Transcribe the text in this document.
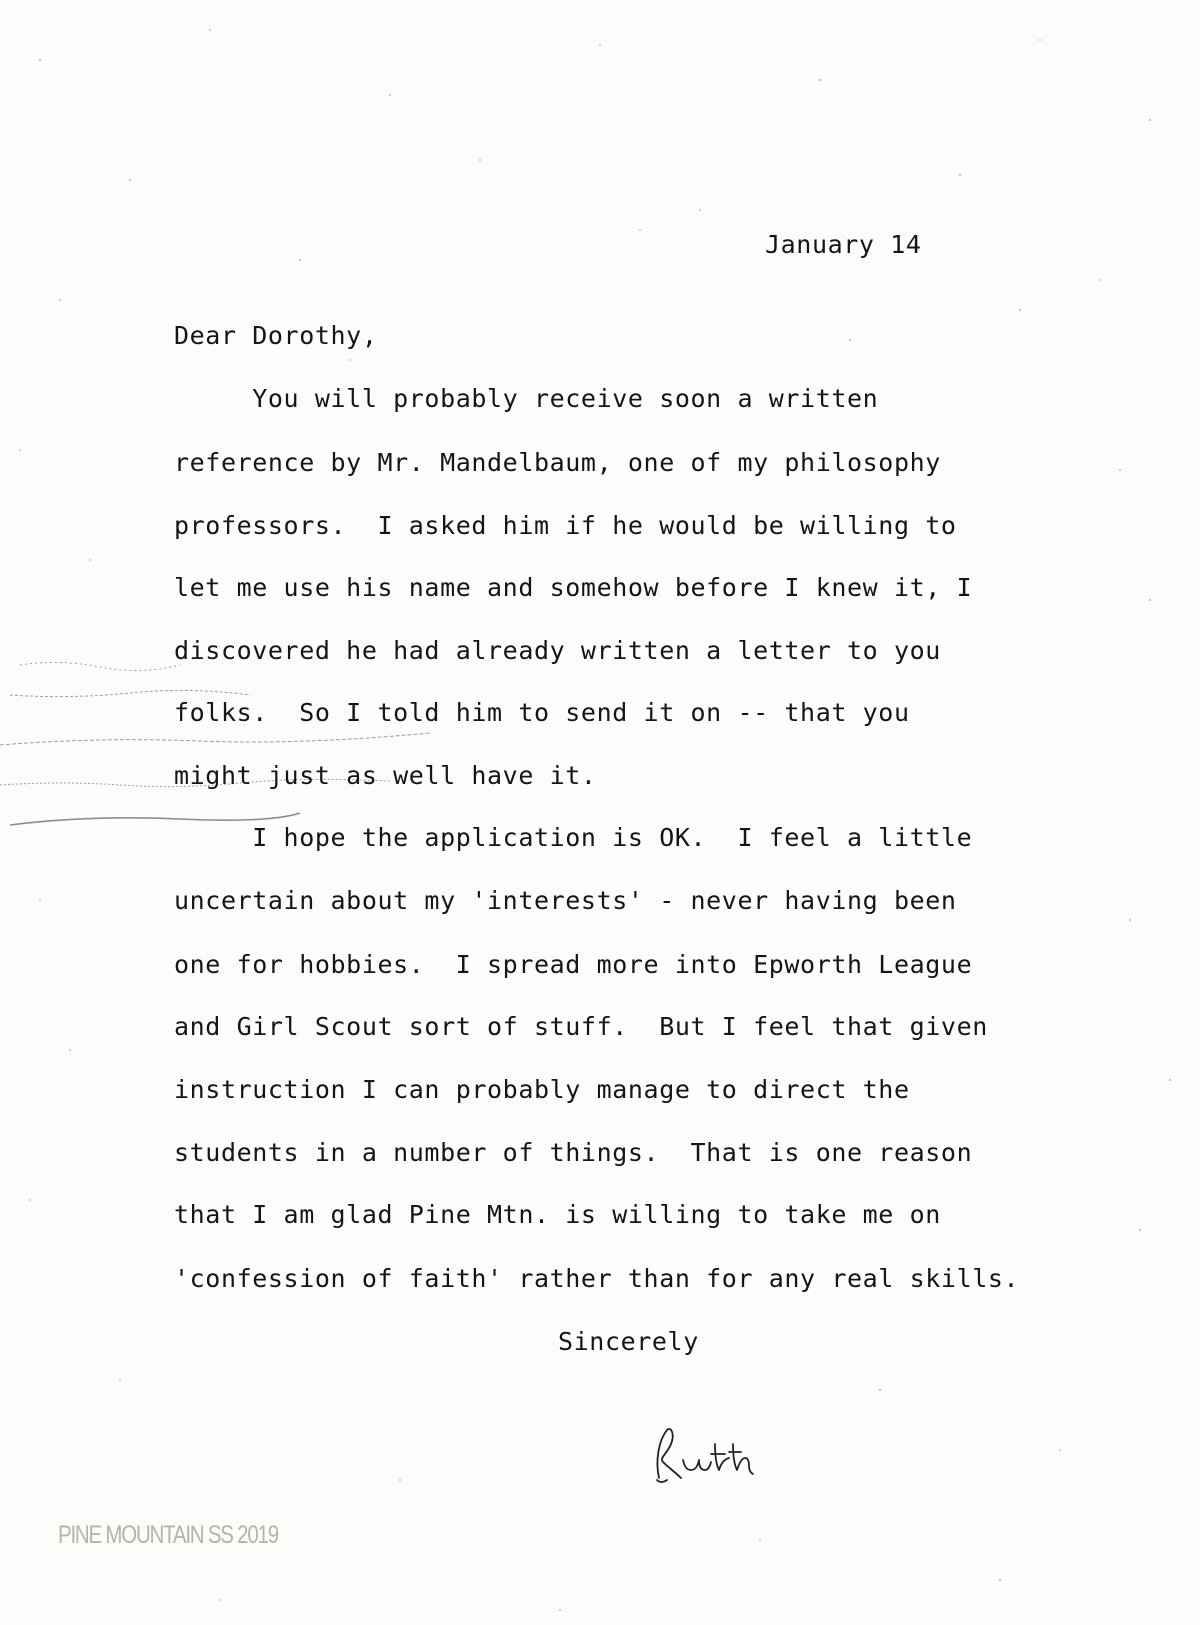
January 14

Dear Dorothy,

You will probably receive soon a written

reference by Mr. Mandelbaum, one of my philosophy

professors.  I asked him if he would be willing to

let me use his name and somehow before I knew it, I

discovered he had already written a letter to you

folks.  So I told him to send it on -- that you

might just as well have it.

I hope the application is OK.  I feel a little

uncertain about my 'interests' - never having been

one for hobbies.  I spread more into Epworth League

and Girl Scout sort of stuff.  But I feel that given

instruction I can probably manage to direct the

students in a number of things.  That is one reason

that I am glad Pine Mtn. is willing to take me on

'confession of faith' rather than for any real skills.

Sincerely

PINE MOUNTAIN SS 2019
